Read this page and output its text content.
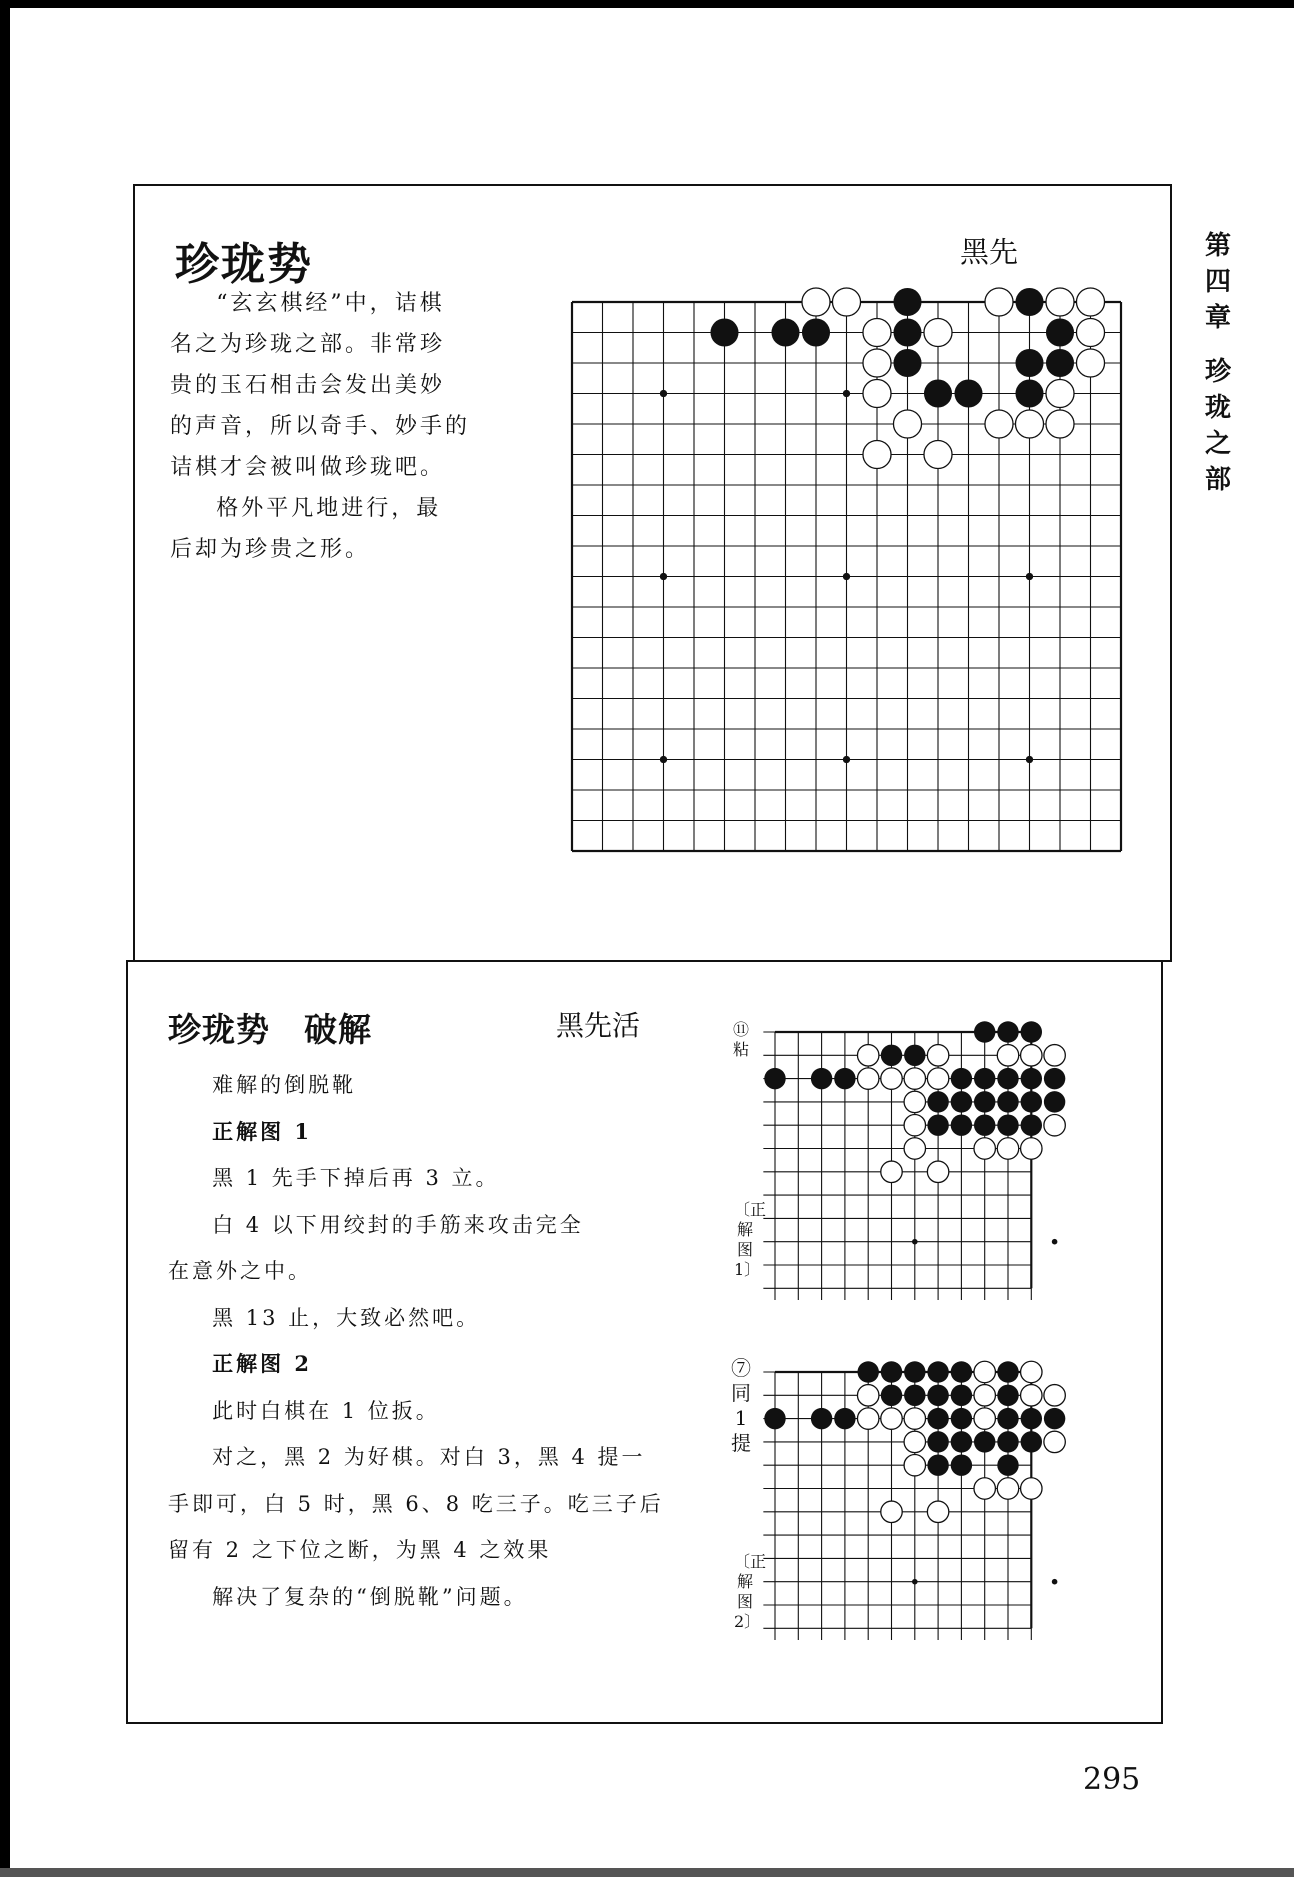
珍珑势	黑先

“玄玄棋经”中，诘棋

名之为珍珑之部。非常珍

贵的玉石相击会发出美妙

的声音，所以奇手、妙手的

诘棋才会被叫做珍珑吧。

格外平凡地进行，最

后却为珍贵之形。

珍珑势　破解	黑先活

难解的倒脱靴

正解图 1

黑 1 先手下掉后再 3 立。

白 4 以下用绞封的手筋来攻击完全

在意外之中。

黑 13 止，大致必然吧。

正解图 2

此时白棋在 1 位扳。

对之，黑 2 为好棋。对白 3，黑 4 提一

手即可，白 5 时，黑 6、8 吃三子。吃三子后

留有 2 之下位之断，为黑 4 之效果

解决了复杂的“倒脱靴”问题。

⑪粘
〔正解图1〕
⑦同1提
〔正解图2〕
第
四
章
珍
珑
之
部
295
